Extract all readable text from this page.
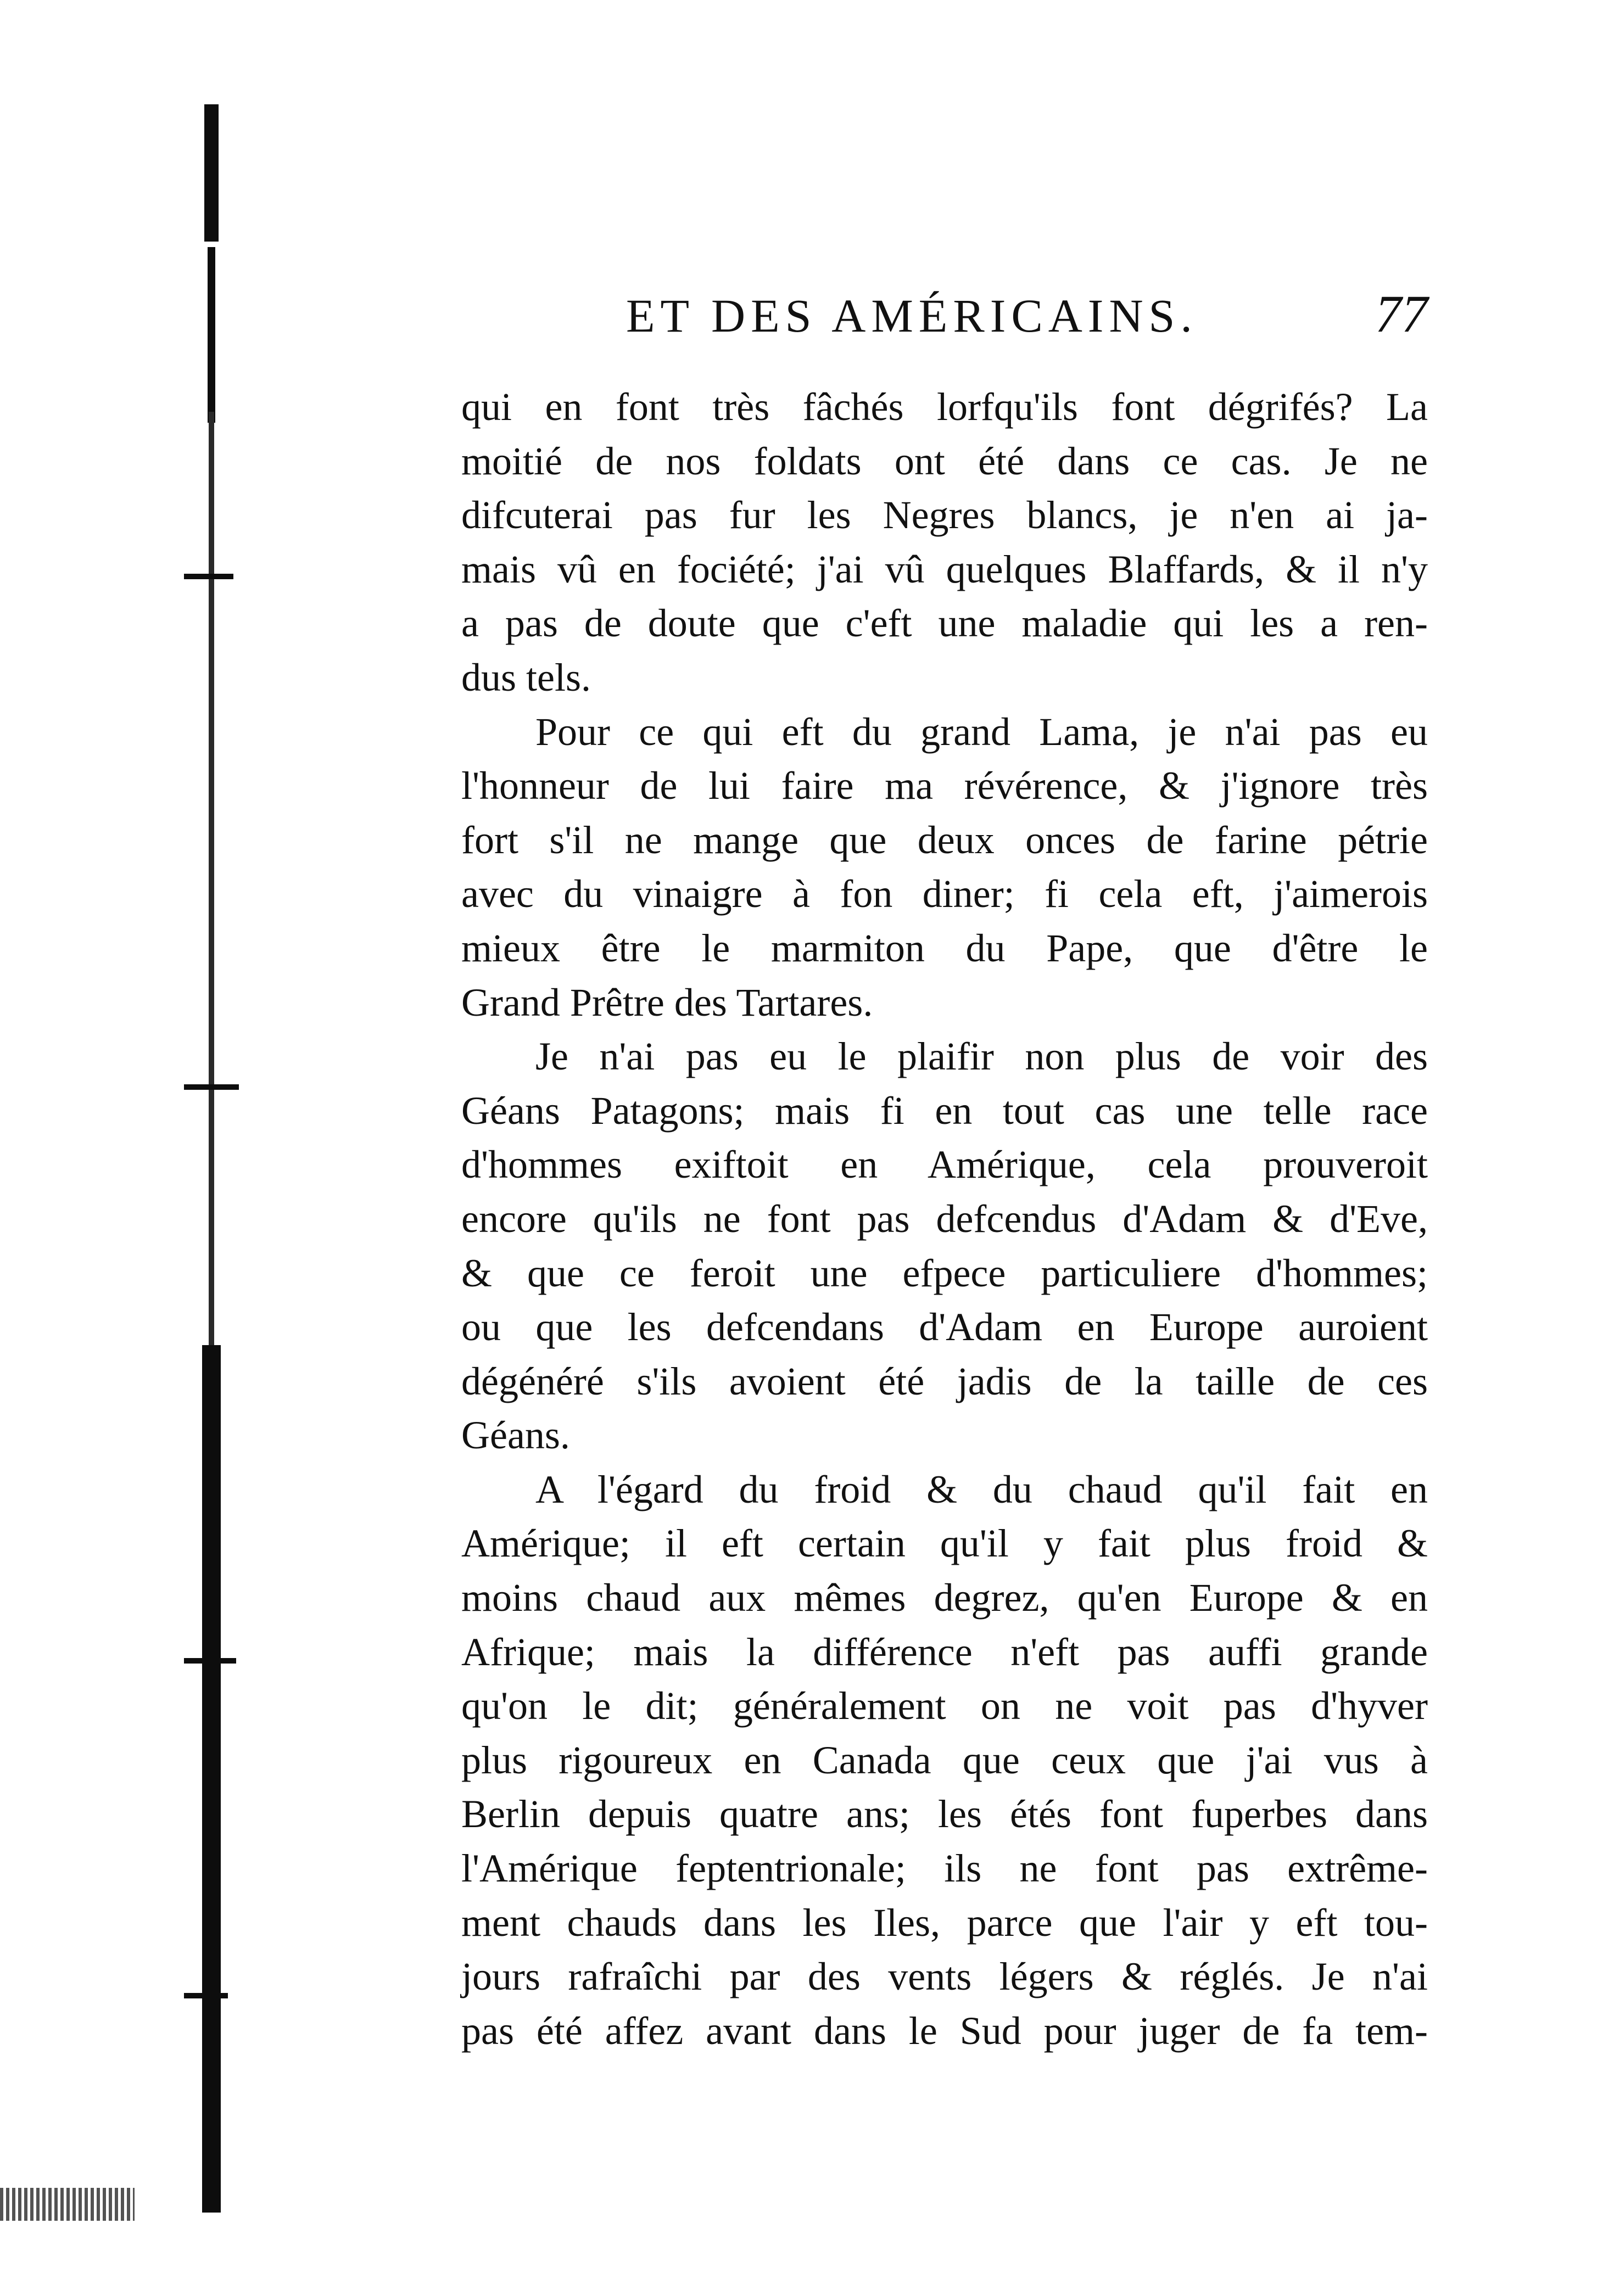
ET DES AMÉRICAINS.	77
qui en font très fâchés lorfqu'ils font dégrifés? La
moitié de nos foldats ont été dans ce cas. Je ne
difcuterai pas fur les Negres blancs, je n'en ai ja-
mais vû en fociété; j'ai vû quelques Blaffards, & il n'y
a pas de doute que c'eft une maladie qui les a ren-
dus tels.
Pour ce qui eft du grand Lama, je n'ai pas eu
l'honneur de lui faire ma révérence, & j'ignore très
fort s'il ne mange que deux onces de farine pétrie
avec du vinaigre à fon diner; fi cela eft, j'aimerois
mieux être le marmiton du Pape, que d'être le
Grand Prêtre des Tartares.
Je n'ai pas eu le plaifir non plus de voir des
Géans Patagons; mais fi en tout cas une telle race
d'hommes exiftoit en Amérique, cela prouveroit
encore qu'ils ne font pas defcendus d'Adam & d'Eve,
& que ce feroit une efpece particuliere d'hommes;
ou que les defcendans d'Adam en Europe auroient
dégénéré s'ils avoient été jadis de la taille de ces
Géans.
A l'égard du froid & du chaud qu'il fait en
Amérique; il eft certain qu'il y fait plus froid &
moins chaud aux mêmes degrez, qu'en Europe & en
Afrique; mais la différence n'eft pas auffi grande
qu'on le dit; généralement on ne voit pas d'hyver
plus rigoureux en Canada que ceux que j'ai vus à
Berlin depuis quatre ans; les étés font fuperbes dans
l'Amérique feptentrionale; ils ne font pas extrême-
ment chauds dans les Iles, parce que l'air y eft tou-
jours rafraîchi par des vents légers & réglés. Je n'ai
pas été affez avant dans le Sud pour juger de fa tem-
